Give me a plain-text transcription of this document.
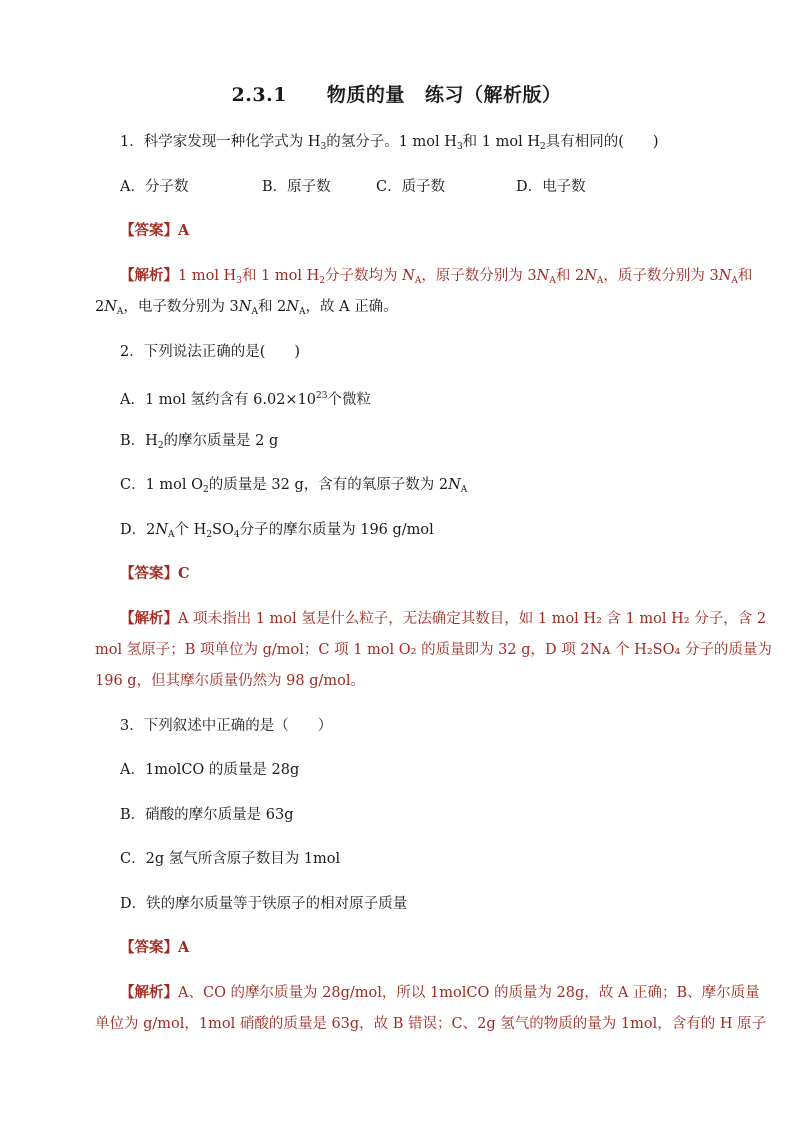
2.3.1 物质的量 练习（解析版）
1．科学家发现一种化学式为 $H_3$的氢分子。1 mol $H_3$和 1 mol $H_2$具有相同的(　　)
A．分子数	B．原子数	C．质子数	D．电子数
【答案】A
【解析】1 mol $H_3$和 1 mol $H_2$分子数均为 $N_A$，原子数分别为 $3N_A$和 $2N_A$，质子数分别为 $3N_A$和
$2N_A$，电子数分别为 $3N_A$和 $2N_A$，故 A 正确。
2．下列说法正确的是(　　)
A．1 mol 氢约含有 $6.02\times 10^{23}$个微粒
B．$H_2$的摩尔质量是 2 g
C．1 mol $O_2$的质量是 32 g，含有的氧原子数为 $2N_A$
D．$2N_A$个 $H_2SO_4$分子的摩尔质量为 196 g/mol
【答案】C
【解析】A 项未指出 1 mol 氢是什么粒子，无法确定其数目，如 1 mol H₂ 含 1 mol H₂ 分子，含 2
mol 氢原子；B 项单位为 g/mol；C 项 1 mol O₂ 的质量即为 32 g，D 项 2Nᴀ 个 H₂SO₄ 分子的质量为
196 g，但其摩尔质量仍然为 98 g/mol。
3．下列叙述中正确的是（　　）
A．1molCO 的质量是 28g
B．硝酸的摩尔质量是 63g
C．2g 氢气所含原子数目为 1mol
D．铁的摩尔质量等于铁原子的相对原子质量
【答案】A
【解析】A、CO 的摩尔质量为 28g/mol，所以 1molCO 的质量为 28g，故 A 正确；B、摩尔质量
单位为 g/mol，1mol 硝酸的质量是 63g，故 B 错误；C、2g 氢气的物质的量为 1mol，含有的 H 原子
